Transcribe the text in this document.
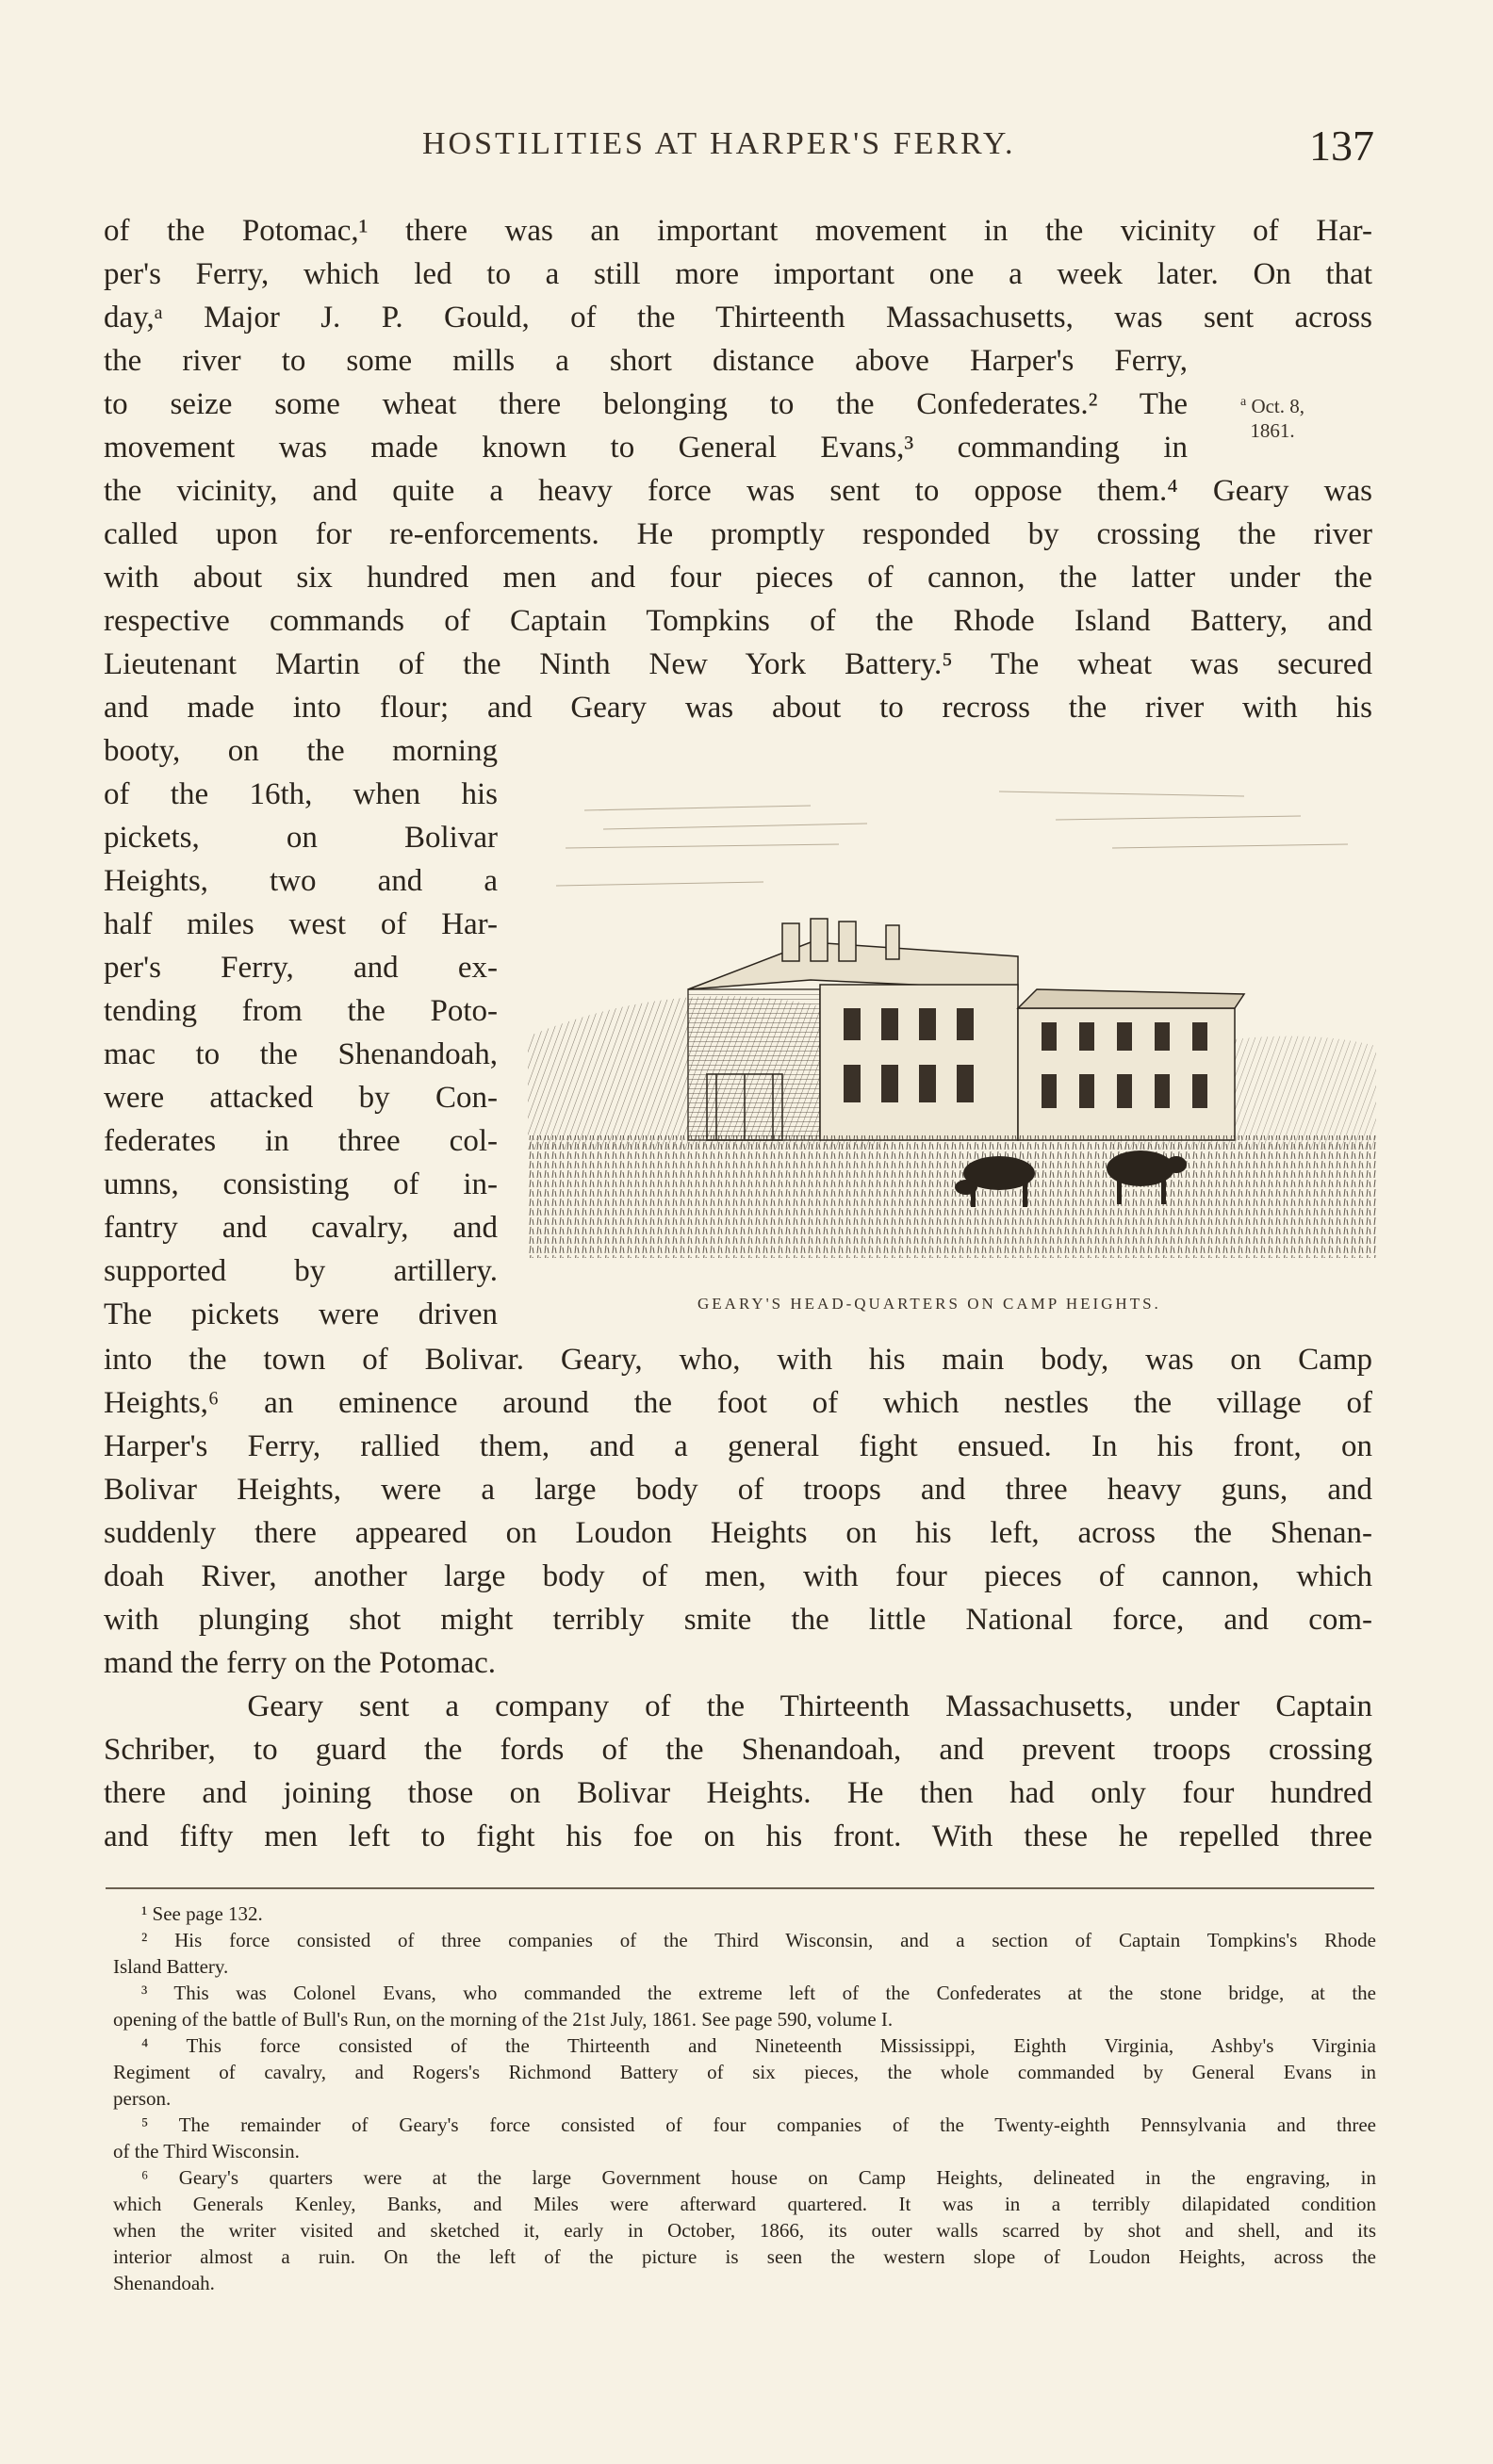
HOSTILITIES AT HARPER'S FERRY.	137
of the Potomac,¹ there was an important movement in the vicinity of Har-
per's Ferry, which led to a still more important one a week later. On that
day,ᵃ Major J. P. Gould, of the Thirteenth Massachusetts, was sent across
the river to some mills a short distance above Harper's Ferry,
to seize some wheat there belonging to the Confederates.² The
movement was made known to General Evans,³ commanding in
the vicinity, and quite a heavy force was sent to oppose them.⁴ Geary was
called upon for re-enforcements. He promptly responded by crossing the river
with about six hundred men and four pieces of cannon, the latter under the
respective commands of Captain Tompkins of the Rhode Island Battery, and
Lieutenant Martin of the Ninth New York Battery.⁵ The wheat was secured
and made into flour; and Geary was about to recross the river with his
booty, on the morning
of the 16th, when his
pickets, on Bolivar
Heights, two and a
half miles west of Har-
per's Ferry, and ex-
tending from the Poto-
mac to the Shenandoah,
were attacked by Con-
federates in three col-
umns, consisting of in-
fantry and cavalry, and
supported by artillery.
The pickets were driven
into the town of Bolivar. Geary, who, with his main body, was on Camp
Heights,⁶ an eminence around the foot of which nestles the village of
Harper's Ferry, rallied them, and a general fight ensued. In his front, on
Bolivar Heights, were a large body of troops and three heavy guns, and
suddenly there appeared on Loudon Heights on his left, across the Shenan-
doah River, another large body of men, with four pieces of cannon, which
with plunging shot might terribly smite the little National force, and com-
mand the ferry on the Potomac.
Geary sent a company of the Thirteenth Massachusetts, under Captain
Schriber, to guard the fords of the Shenandoah, and prevent troops crossing
there and joining those on Bolivar Heights. He then had only four hundred
and fifty men left to fight his foe on his front. With these he repelled three
$^a$ Oct. 8,
1861.
GEARY'S HEAD-QUARTERS ON CAMP HEIGHTS.
¹ See page 132.
² His force consisted of three companies of the Third Wisconsin, and a section of Captain Tompkins's Rhode
Island Battery.
³ This was Colonel Evans, who commanded the extreme left of the Confederates at the stone bridge, at the
opening of the battle of Bull's Run, on the morning of the 21st July, 1861. See page 590, volume I.
⁴ This force consisted of the Thirteenth and Nineteenth Mississippi, Eighth Virginia, Ashby's Virginia
Regiment of cavalry, and Rogers's Richmond Battery of six pieces, the whole commanded by General Evans in
person.
⁵ The remainder of Geary's force consisted of four companies of the Twenty-eighth Pennsylvania and three
of the Third Wisconsin.
⁶ Geary's quarters were at the large Government house on Camp Heights, delineated in the engraving, in
which Generals Kenley, Banks, and Miles were afterward quartered. It was in a terribly dilapidated condition
when the writer visited and sketched it, early in October, 1866, its outer walls scarred by shot and shell, and its
interior almost a ruin. On the left of the picture is seen the western slope of Loudon Heights, across the
Shenandoah.
